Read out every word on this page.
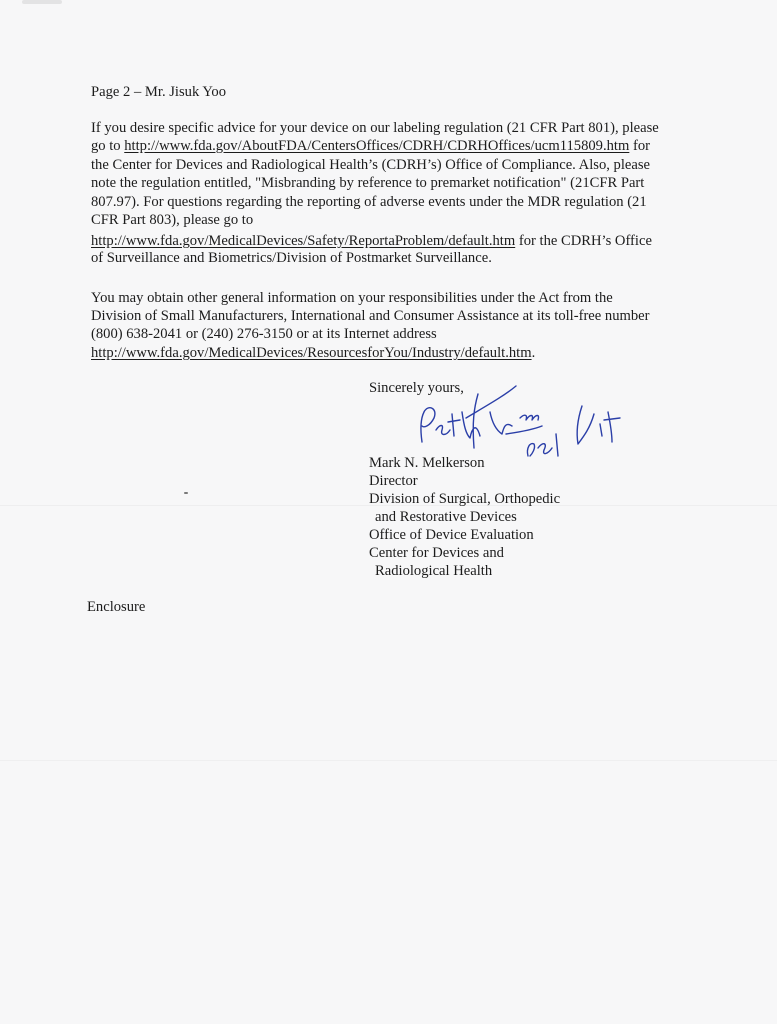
Page 2 – Mr. Jisuk Yoo
If you desire specific advice for your device on our labeling regulation (21 CFR Part 801), please
go to http://www.fda.gov/AboutFDA/CentersOffices/CDRH/CDRHOffices/ucm115809.htm for
the Center for Devices and Radiological Health’s (CDRH’s) Office of Compliance. Also, please
note the regulation entitled, "Misbranding by reference to premarket notification" (21CFR Part
807.97). For questions regarding the reporting of adverse events under the MDR regulation (21
CFR Part 803), please go to
http://www.fda.gov/MedicalDevices/Safety/ReportaProblem/default.htm for the CDRH’s Office
of Surveillance and Biometrics/Division of Postmarket Surveillance.
You may obtain other general information on your responsibilities under the Act from the
Division of Small Manufacturers, International and Consumer Assistance at its toll-free number
(800) 638-2041 or (240) 276-3150 or at its Internet address
http://www.fda.gov/MedicalDevices/ResourcesforYou/Industry/default.htm.
Sincerely yours,
Mark N. Melkerson
Director
Division of Surgical, Orthopedic
and Restorative Devices
Office of Device Evaluation
Center for Devices and
Radiological Health
Enclosure
